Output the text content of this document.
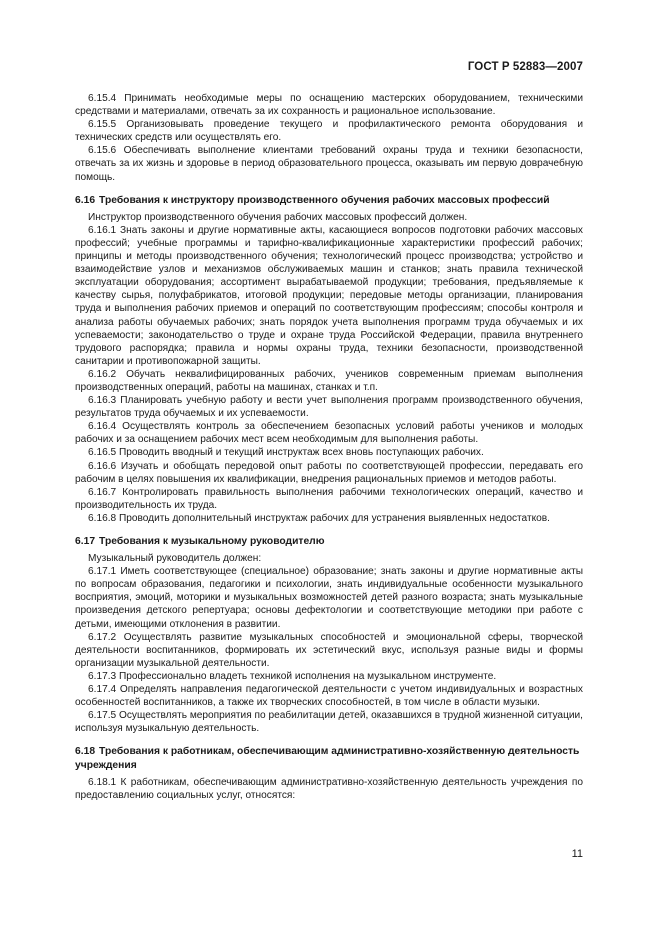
ГОСТ Р 52883—2007

6.15.4 Принимать необходимые меры по оснащению мастерских оборудованием, техническими средствами и материалами, отвечать за их сохранность и рациональное использование.

6.15.5 Организовывать проведение текущего и профилактического ремонта оборудования и технических средств или осуществлять его.

6.15.6 Обеспечивать выполнение клиентами требований охраны труда и техники безопасности, отвечать за их жизнь и здоровье в период образовательного процесса, оказывать им первую доврачебную помощь.

6.16 Требования к инструктору производственного обучения рабочих массовых профессий

Инструктор производственного обучения рабочих массовых профессий должен.

6.16.1 Знать законы и другие нормативные акты, касающиеся вопросов подготовки рабочих массовых профессий; учебные программы и тарифно-квалификационные характеристики профессий рабочих; принципы и методы производственного обучения; технологический процесс производства; устройство и взаимодействие узлов и механизмов обслуживаемых машин и станков; знать правила технической эксплуатации оборудования; ассортимент вырабатываемой продукции; требования, предъявляемые к качеству сырья, полуфабрикатов, итоговой продукции; передовые методы организации, планирования труда и выполнения рабочих приемов и операций по соответствующим профессиям; способы контроля и анализа работы обучаемых рабочих; знать порядок учета выполнения программ труда обучаемых и их успеваемости; законодательство о труде и охране труда Российской Федерации, правила внутреннего трудового распорядка; правила и нормы охраны труда, техники безопасности, производственной санитарии и противопожарной защиты.

6.16.2 Обучать неквалифицированных рабочих, учеников современным приемам выполнения производственных операций, работы на машинах, станках и т.п.

6.16.3 Планировать учебную работу и вести учет выполнения программ производственного обучения, результатов труда обучаемых и их успеваемости.

6.16.4 Осуществлять контроль за обеспечением безопасных условий работы учеников и молодых рабочих и за оснащением рабочих мест всем необходимым для выполнения работы.

6.16.5 Проводить вводный и текущий инструктаж всех вновь поступающих рабочих.

6.16.6 Изучать и обобщать передовой опыт работы по соответствующей профессии, передавать его рабочим в целях повышения их квалификации, внедрения рациональных приемов и методов работы.

6.16.7 Контролировать правильность выполнения рабочими технологических операций, качество и производительность их труда.

6.16.8 Проводить дополнительный инструктаж рабочих для устранения выявленных недостатков.

6.17 Требования к музыкальному руководителю

Музыкальный руководитель должен:

6.17.1 Иметь соответствующее (специальное) образование; знать законы и другие нормативные акты по вопросам образования, педагогики и психологии, знать индивидуальные особенности музыкального восприятия, эмоций, моторики и музыкальных возможностей детей разного возраста; знать музыкальные произведения детского репертуара; основы дефектологии и соответствующие методики при работе с детьми, имеющими отклонения в развитии.

6.17.2 Осуществлять развитие музыкальных способностей и эмоциональной сферы, творческой деятельности воспитанников, формировать их эстетический вкус, используя разные виды и формы организации музыкальной деятельности.

6.17.3 Профессионально владеть техникой исполнения на музыкальном инструменте.

6.17.4 Определять направления педагогической деятельности с учетом индивидуальных и возрастных особенностей воспитанников, а также их творческих способностей, в том числе в области музыки.

6.17.5 Осуществлять мероприятия по реабилитации детей, оказавшихся в трудной жизненной ситуации, используя музыкальную деятельность.

6.18 Требования к работникам, обеспечивающим административно-хозяйственную деятельность учреждения

6.18.1 К работникам, обеспечивающим административно-хозяйственную деятельность учреждения по предоставлению социальных услуг, относятся:

11
